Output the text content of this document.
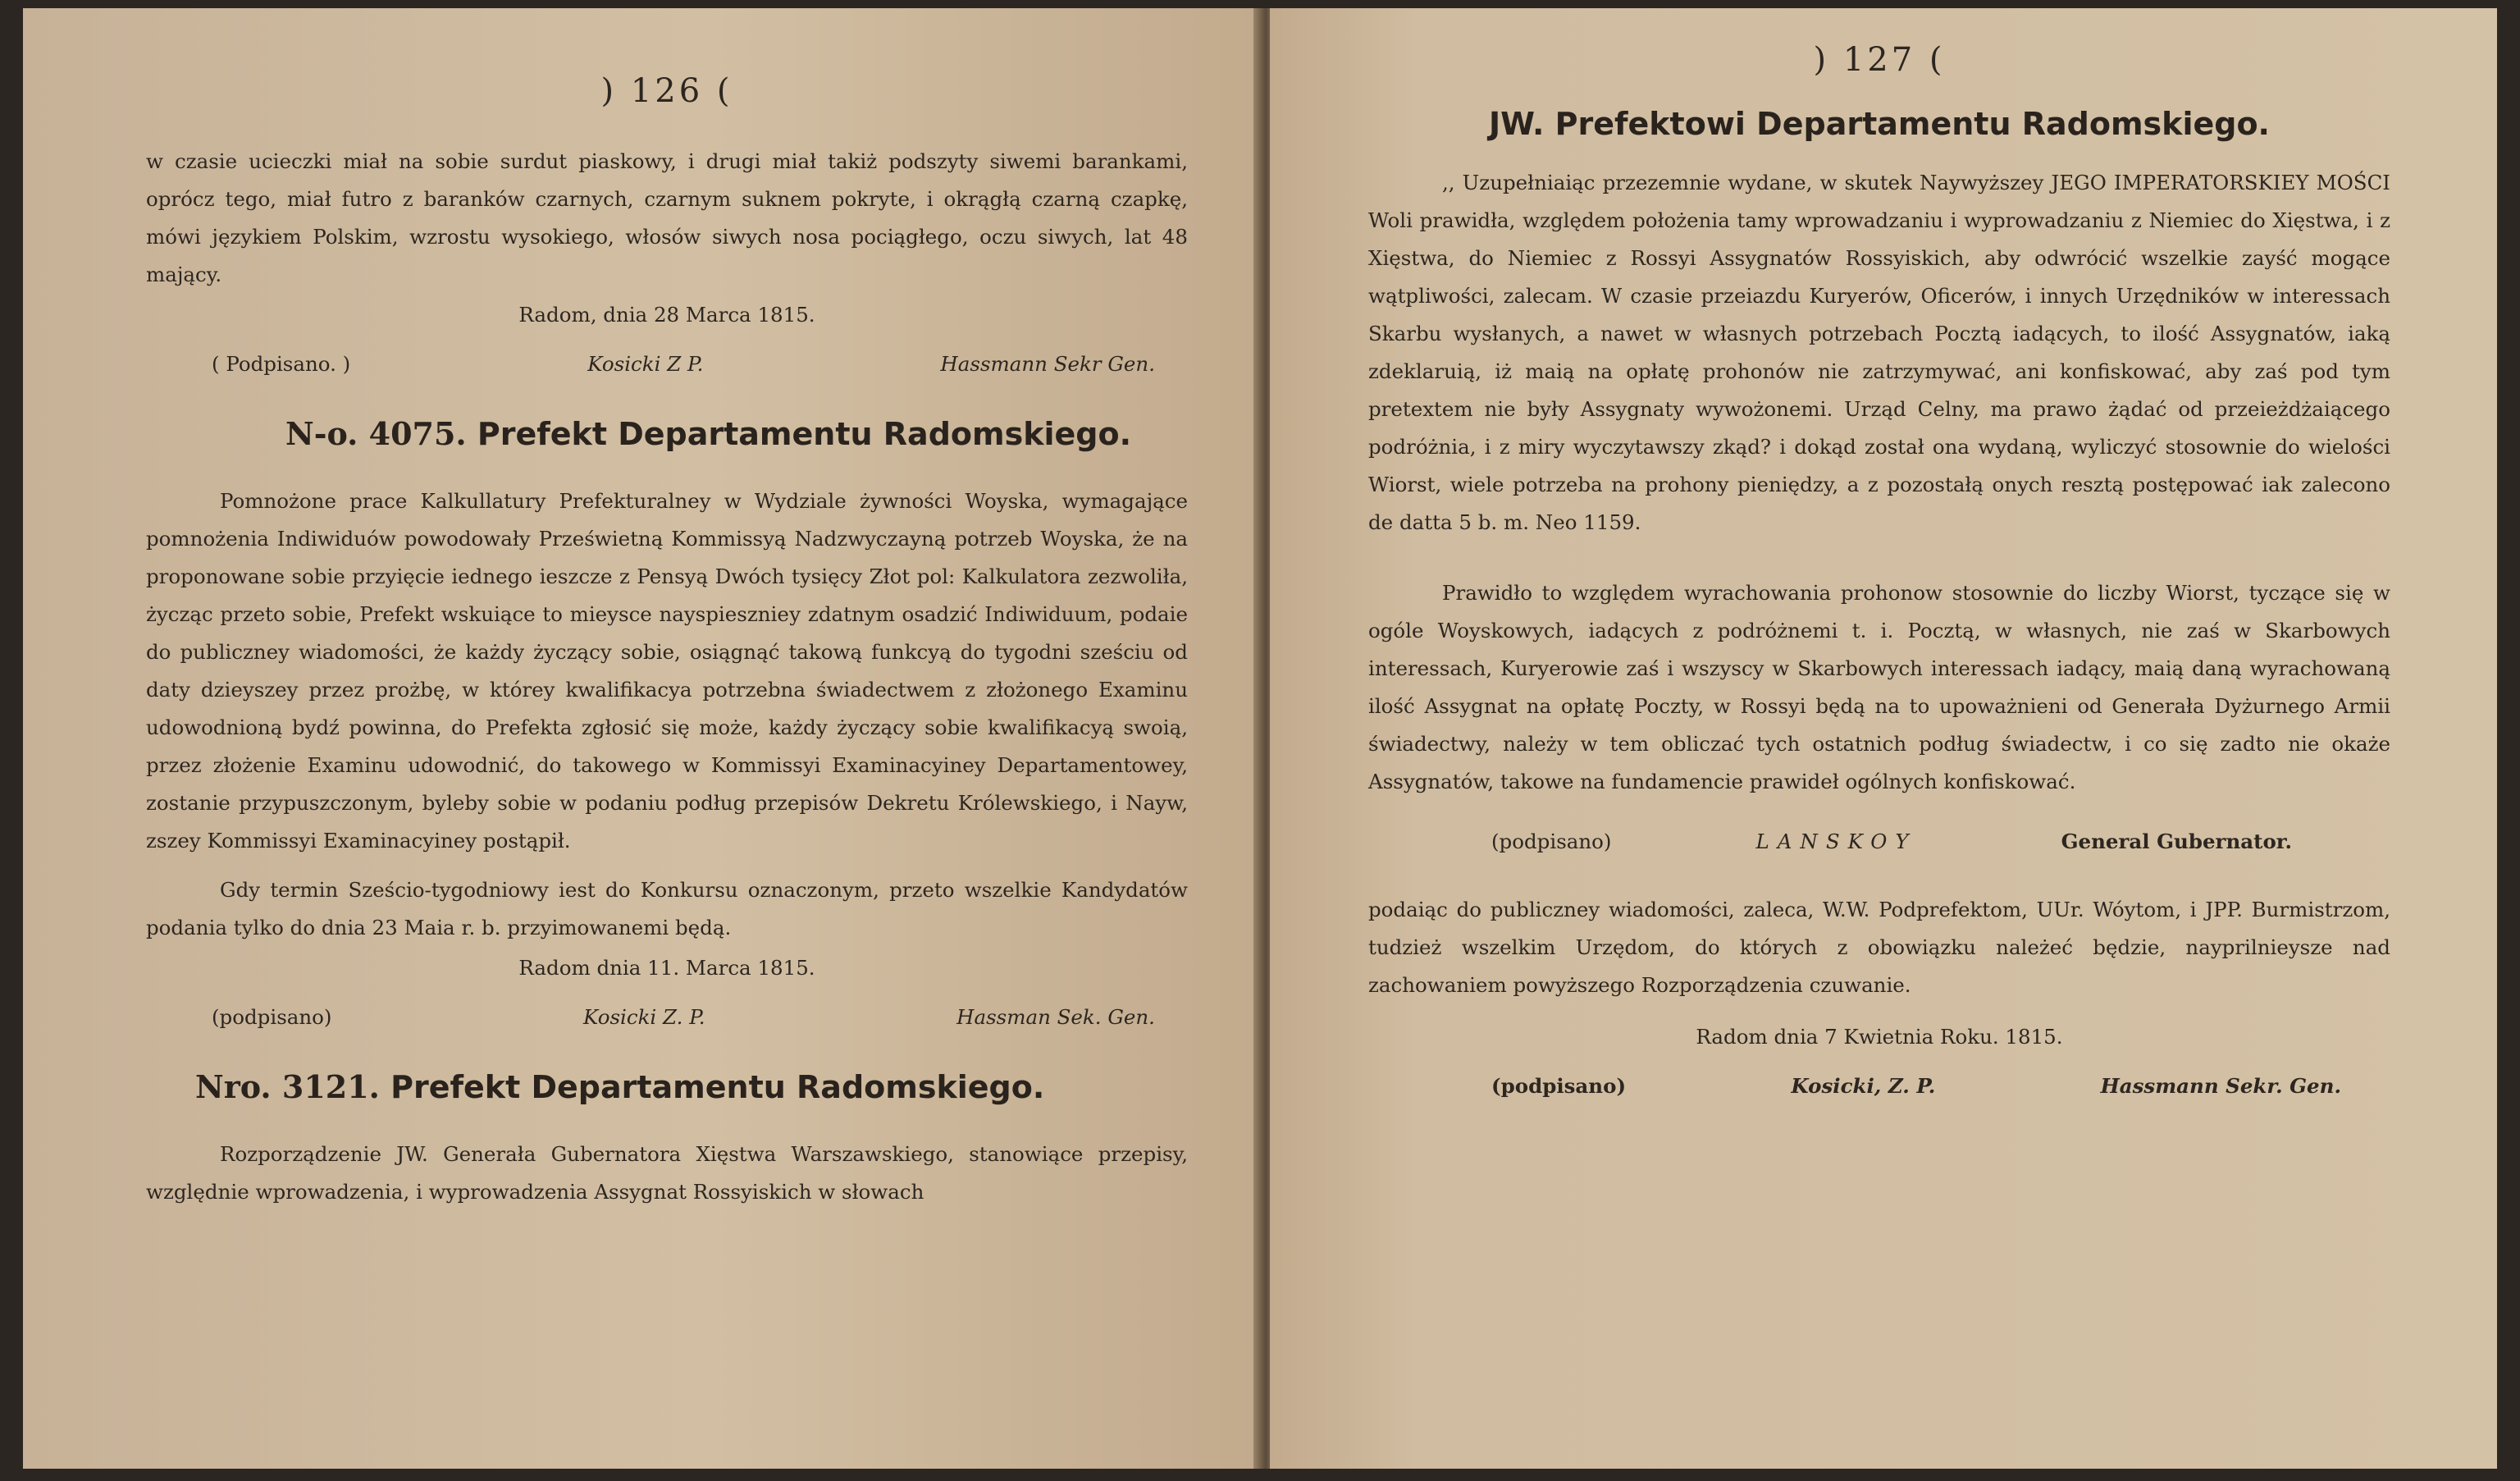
) 126 (

w czasie ucieczki miał na sobie surdut piaskowy, i drugi miał takiż podszyty siwemi barankami, oprócz tego, miał futro z baranków czarnych, czarnym suknem pokryte, i okrągłą czarną czapkę, mówi językiem Polskim, wzrostu wysokiego, włosów siwych nosa pociągłego, oczu siwych, lat 48 mający.

Radom, dnia 28 Marca 1815.
( Podpisano. )	Kosicki Z P.	Hassmann Sekr Gen.
N-o. 4075. Prefekt Departamentu Radomskiego.

Pomnożone prace Kalkullatury Prefekturalney w Wydziale żywności Woyska, wymagające pomnożenia Indiwiduów powodowały Prześwietną Kommissyą Nadzwyczayną potrzeb Woyska, że na proponowane sobie przyięcie iednego ieszcze z Pensyą Dwóch tysięcy Złot pol: Kalkulatora zezwoliła, życząc przeto sobie, Prefekt wskuiące to mieysce nayspiesznieу zdatnym osadzić Indiwiduum, podaie do publiczney wiadomości, że każdy życzący sobie, osiągnąć takową funkcyą do tygodni sześciu od daty dzieyszey przez prożbę, w którey kwalifikacya potrzebna świadectwem z złożonego Examinu udowodnioną bydź powinna, do Prefektа zgłosić się może, każdy życzący sobie kwalifikacyą swoią, przez złożenie Examinu udowodnić, do takowego w Kommissyi Examinacyiney Departamentowey, zostanie przypuszczonym, byleby sobie w podaniu podług przepisów Dekretu Królewskiego, i Nayw, zszey Kommissyi Examinacyiney postąpił.

Gdy termin Sześcio-tygodniowy iest do Konkursu oznaczonym, przeto wszelkie Kandydatów podania tylko do dnia 23 Maia r. b. przyimowanemi będą.

Radom dnia 11. Marca 1815.
(podpisano)	Kosicki Z. P.	Hassman Sek. Gen.
Nro. 3121. Prefekt Departamentu Radomskiego.

Rozporządzenie JW. Generała Gubernatora Xięstwa Warszawskiego, stanowiące przepisy, względnie wprowadzenia, i wyprowadzenia Assygnat Rossyiskich w słowach

) 127 (
JW. Prefektowi Departamentu Radomskiego.

,, Uzupełniaiąc przezemnie wydane, w skutek Naywyższey JEGO IMPERATORSKIEY MOŚCI Woli prawidła, względem położenia tamy wprowadzaniu i wyprowadzaniu z Niemiec do Xięstwa, i z Xięstwa, do Niemiec z Rossyi Assygnatów Rossyiskich, aby odwrócić wszelkie zayść mogące wątpliwości, zalecam. W czasie przeiazdu Kuryerów, Oficerów, i innych Urzędników w interessach Skarbu wysłanych, a nawet w własnych potrzebach Pocztą iadących, to ilość Assygnatów, iaką zdeklaruią, iż maią na opłatę prohonów nie zatrzymywać, ani konfiskować, aby zaś pod tym pretextem nie były Assygnaty wywożonemi. Urząd Celny, ma prawo żądać od przeieżdżaiącego podróżnia, i z miry wyczytawszy zkąd? i dokąd został ona wydaną, wyliczyć stosownie do wielości Wiorst, wiele potrzeba na prohony pieniędzy, a z pozostałą onych resztą postępować iak zalecono de datta 5 b. m. Neo 1159.

Prawidło to względem wyrachowania prohonow stosownie do liczby Wiorst, tyczące się w ogóle Woyskowych, iadących z podróżnemi t. i. Pocztą, w własnych, nie zaś w Skarbowych interessach, Kuryerowie zaś i wszyscy w Skarbowych interessach iadący, maią daną wyrachowaną ilość Assygnat na opłatę Poczty, w Rossyi będą na to upoważnieni od Generała Dyżurnego Armii świadectwy, należy w tem obliczać tych ostatnich podług świadectw, i co się zadto nie okaże Assygnatów, takowe na fundamencie prawideł ogólnych konfiskować.

(podpisano)	LANSKOY	General Gubernator.

podaiąc do publiczney wiadomości, zaleca, W.W. Podprefektom, UUr. Wóytom, i JPP. Burmistrzom, tudzież wszelkim Urzędom, do których z obowiązku należeć będzie, nayprilnieysze nad zachowaniem powyższego Rozporządzenia czuwanie.

Radom dnia 7 Kwietnia Roku. 1815.
(podpisano)	Kosicki, Z. P.	Hassmann Sekr. Gen.
